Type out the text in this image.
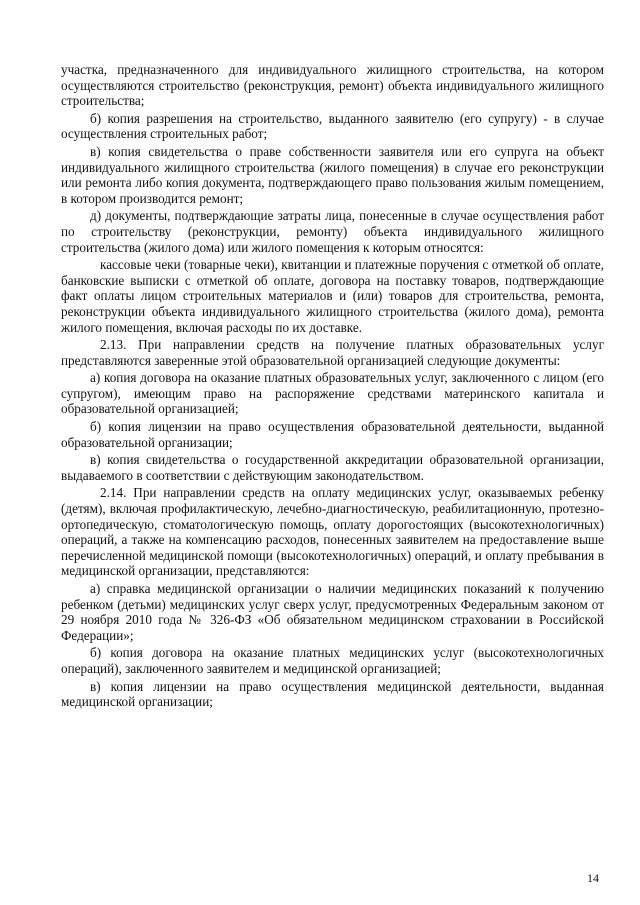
участка, предназначенного для индивидуального жилищного строительства, на котором осуществляются строительство (реконструкция, ремонт) объекта индивидуального жилищного строительства;

б) копия разрешения на строительство, выданного заявителю (его супругу) - в случае осуществления строительных работ;

в) копия свидетельства о праве собственности заявителя или его супруга на объект индивидуального жилищного строительства (жилого помещения) в случае его реконструкции или ремонта либо копия документа, подтверждающего право пользования жилым помещением, в котором производится ремонт;

д) документы, подтверждающие затраты лица, понесенные в случае осуществления работ по строительству (реконструкции, ремонту) объекта индивидуального жилищного строительства (жилого дома) или жилого помещения к которым относятся:

кассовые чеки (товарные чеки), квитанции и платежные поручения с отметкой об оплате, банковские выписки с отметкой об оплате, договора на поставку товаров, подтверждающие факт оплаты лицом строительных материалов и (или) товаров для строительства, ремонта, реконструкции объекта индивидуального жилищного строительства (жилого дома), ремонта жилого помещения, включая расходы по их доставке.

2.13. При направлении средств на получение платных образовательных услуг представляются заверенные этой образовательной организацией следующие документы:

а) копия договора на оказание платных образовательных услуг, заключенного с лицом (его супругом), имеющим право на распоряжение средствами материнского капитала и образовательной организацией;

б) копия лицензии на право осуществления образовательной деятельности, выданной образовательной организации;

в) копия свидетельства о государственной аккредитации образовательной организации, выдаваемого в соответствии с действующим законодательством.

2.14. При направлении средств на оплату медицинских услуг, оказываемых ребенку (детям), включая профилактическую, лечебно-диагностическую, реабилитационную, протезно-ортопедическую, стоматологическую помощь, оплату дорогостоящих (высокотехнологичных) операций, а также на компенсацию расходов, понесенных заявителем на предоставление выше перечисленной медицинской помощи (высокотехнологичных) операций, и оплату пребывания в медицинской организации, представляются:

а) справка медицинской организации о наличии медицинских показаний к получению ребенком (детьми) медицинских услуг сверх услуг, предусмотренных Федеральным законом от 29 ноября 2010 года № 326-ФЗ «Об обязательном медицинском страховании в Российской Федерации»;

б) копия договора на оказание платных медицинских услуг (высокотехнологичных операций), заключенного заявителем и медицинской организацией;

в) копия лицензии на право осуществления медицинской деятельности, выданная медицинской организации;

14
